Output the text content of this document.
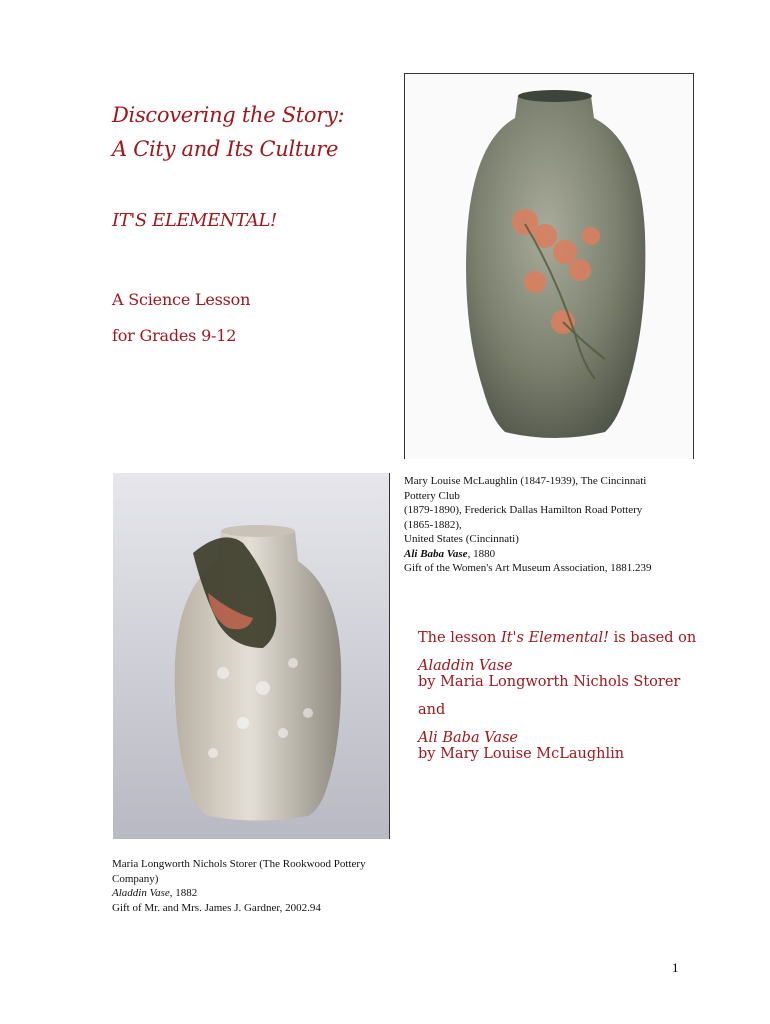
Discovering the Story:
A City and Its Culture
IT'S ELEMENTAL!

A Science Lesson

for Grades 9-12

Mary Louise McLaughlin (1847-1939), The Cincinnati
Pottery Club
(1879-1890), Frederick Dallas Hamilton Road Pottery
(1865-1882),
United States (Cincinnati)
Ali Baba Vase, 1880
Gift of the Women's Art Museum Association, 1881.239
The lesson It's Elemental! is based on
Aladdin Vase
by Maria Longworth Nichols Storer
and
Ali Baba Vase
by Mary Louise McLaughlin
Maria Longworth Nichols Storer (The Rookwood Pottery
Company)
Aladdin Vase, 1882
Gift of Mr. and Mrs. James J. Gardner, 2002.94
1
